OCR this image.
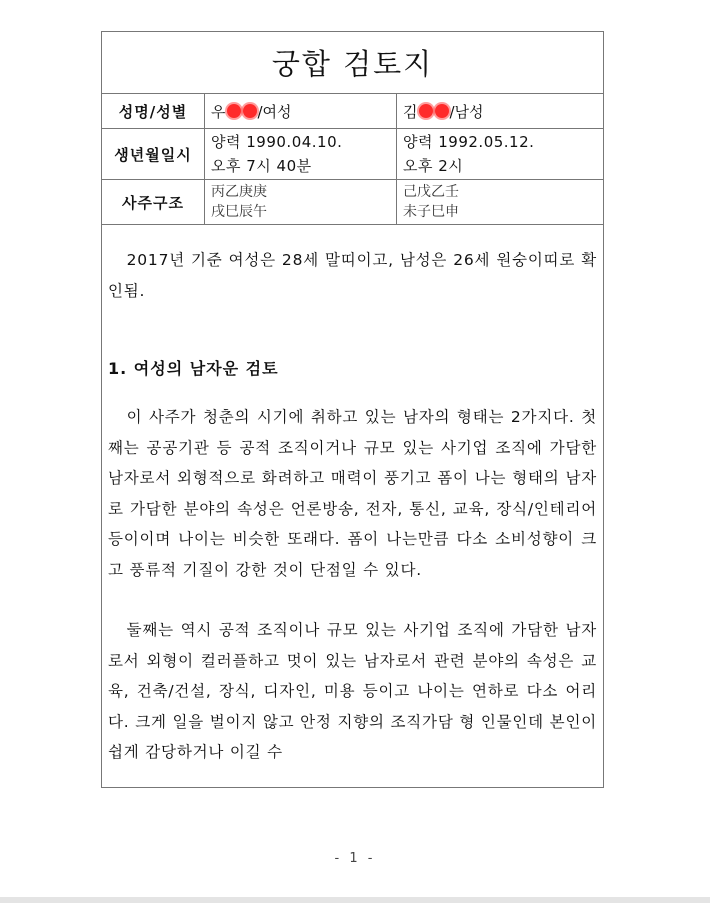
궁합 검토지
성명/성별	우 /여성	김 /남성
생년월일시
양력 1990.04.10.
오후 7시 40분
양력 1992.05.12.
오후 2시
사주구조
丙乙庚庚
戌巳辰午
己戊乙壬
未子巳申

2017년 기준 여성은 28세 말띠이고, 남성은 26세 원숭이띠로 확인됨.

1. 여성의 남자운 검토

이 사주가 청춘의 시기에 취하고 있는 남자의 형태는 2가지다. 첫째는 공공기관 등 공적 조직이거나 규모 있는 사기업 조직에 가담한 남자로서 외형적으로 화려하고 매력이 풍기고 폼이 나는 형태의 남자로 가담한 분야의 속성은 언론방송, 전자, 통신, 교육, 장식/인테리어 등이이며 나이는 비슷한 또래다. 폼이 나는만큼 다소 소비성향이 크고 풍류적 기질이 강한 것이 단점일 수 있다.

둘째는 역시 공적 조직이나 규모 있는 사기업 조직에 가담한 남자로서 외형이 컬러플하고 멋이 있는 남자로서 관련 분야의 속성은 교육, 건축/건설, 장식, 디자인, 미용 등이고 나이는 연하로 다소 어리다. 크게 일을 벌이지 않고 안정 지향의 조직가담 형 인물인데 본인이 쉽게 감당하거나 이길 수

- 1 -
